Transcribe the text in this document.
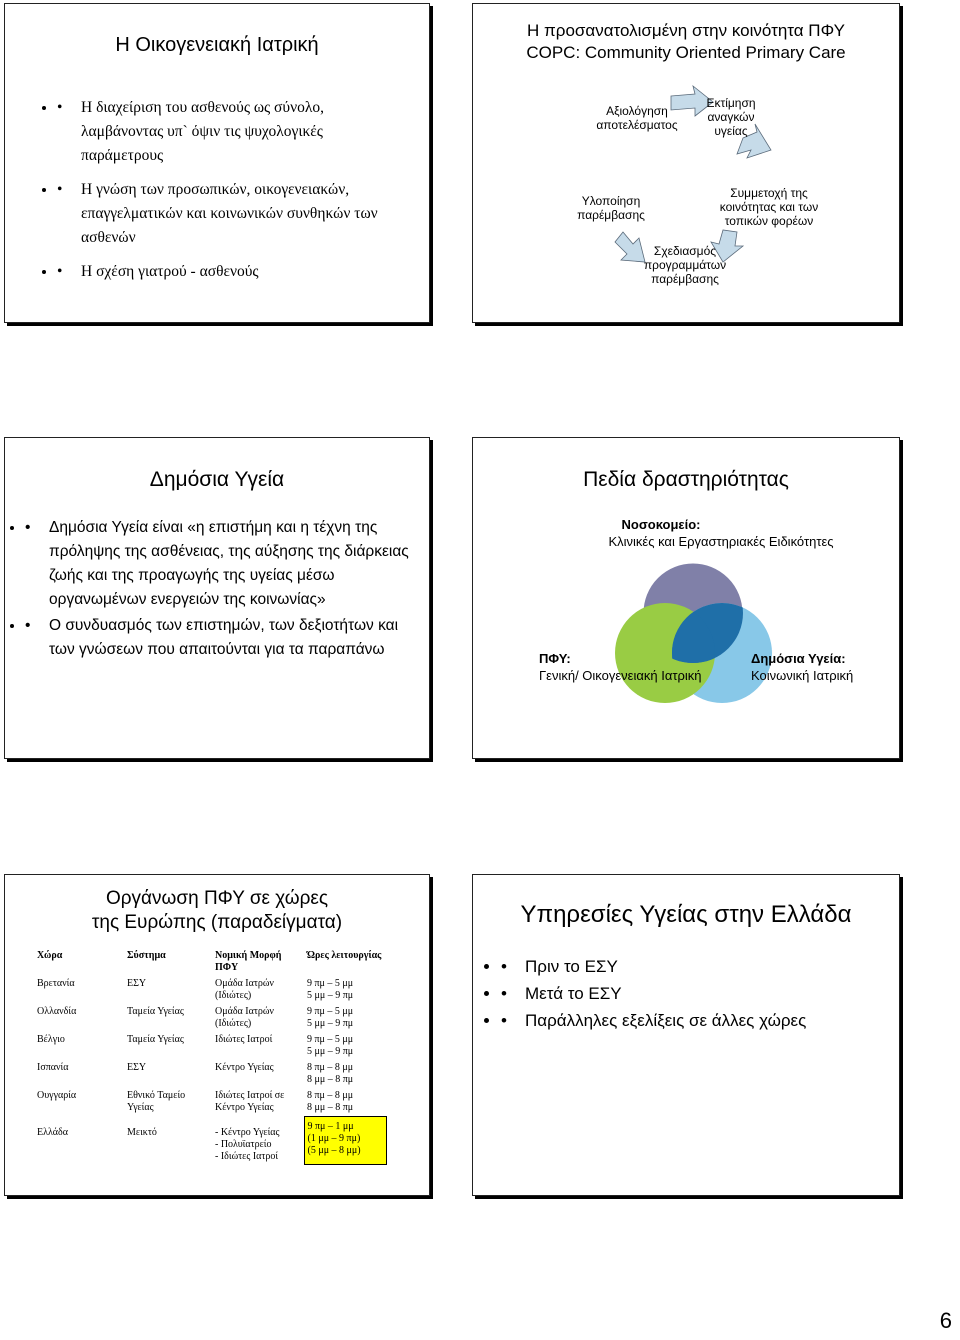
Η Οικογενειακή Ιατρική
• • Η διαχείριση του ασθενούς ως σύνολο, λαμβάνοντας υπ` όψιν τις ψυχολογικές παράμετρους
• • Η γνώση των προσωπικών, οικογενειακών, επαγγελματικών και κοινωνικών συνθηκών των ασθενών
• • Η σχέση γιατρού - ασθενούς
Η προσανατολισμένη στην κοινότητα ΠΦΥ
COPC: Community Oriented Primary Care
Εκτίμηση αναγκών υγείας
Συμμετοχή της κοινότητας και των τοπικών φορέων
Σχεδιασμός προγραμμάτων παρέμβασης
Υλοποίηση παρέμβασης
Αξιολόγηση αποτελέσματος
Δημόσια Υγεία
• • Δημόσια Υγεία είναι «η επιστήμη και η τέχνη της πρόληψης της ασθένειας, της αύξησης της διάρκειας ζωής και της προαγωγής της υγείας μέσω οργανωμένων ενεργειών της κοινωνίας»
• • Ο συνδυασμός των επιστημών, των δεξιοτήτων και των γνώσεων που απαιτούνται για τα παραπάνω
Πεδία δραστηριότητας
Νοσοκομείο:
Κλινικές και Εργαστηριακές Ειδικότητες
ΠΦΥ:
Γενική/ Οικογενειακή Ιατρική
Δημόσια Υγεία:
Κοινωνική Ιατρική
Οργάνωση ΠΦΥ σε χώρες
της Ευρώπης (παραδείγματα)
Χώρα	Σύστημα	Νομική Μορφή ΠΦΥ	Ώρες λειτουργίας
Βρετανία	ΕΣΥ	Ομάδα Ιατρών (Ιδιώτες)	9 πμ – 5 μμ
5 μμ – 9 πμ
Ολλανδία	Ταμεία Υγείας	Ομάδα Ιατρών (Ιδιώτες)	9 πμ – 5 μμ
5 μμ – 9 πμ
Βέλγιο	Ταμεία Υγείας	Ιδιώτες Ιατροί	9 πμ – 5 μμ
5 μμ – 9 πμ
Ισπανία	ΕΣΥ	Κέντρο Υγείας	8 πμ – 8 μμ
8 μμ – 8 πμ
Ουγγαρία	Εθνικό Ταμείο Υγείας	Ιδιώτες Ιατροί σε Κέντρο Υγείας	8 πμ – 8 μμ
8 μμ – 8 πμ
Ελλάδα	Μεικτό	- Κέντρο Υγείας
- Πολυϊατρείο
- Ιδιώτες Ιατροί	9 πμ – 1 μμ
(1 μμ – 9 πμ)
(5 μμ – 8 μμ)
Υπηρεσίες Υγείας στην Ελλάδα
• • Πριν το ΕΣΥ
• • Μετά το ΕΣΥ
• • Παράλληλες εξελίξεις σε άλλες χώρες
6
